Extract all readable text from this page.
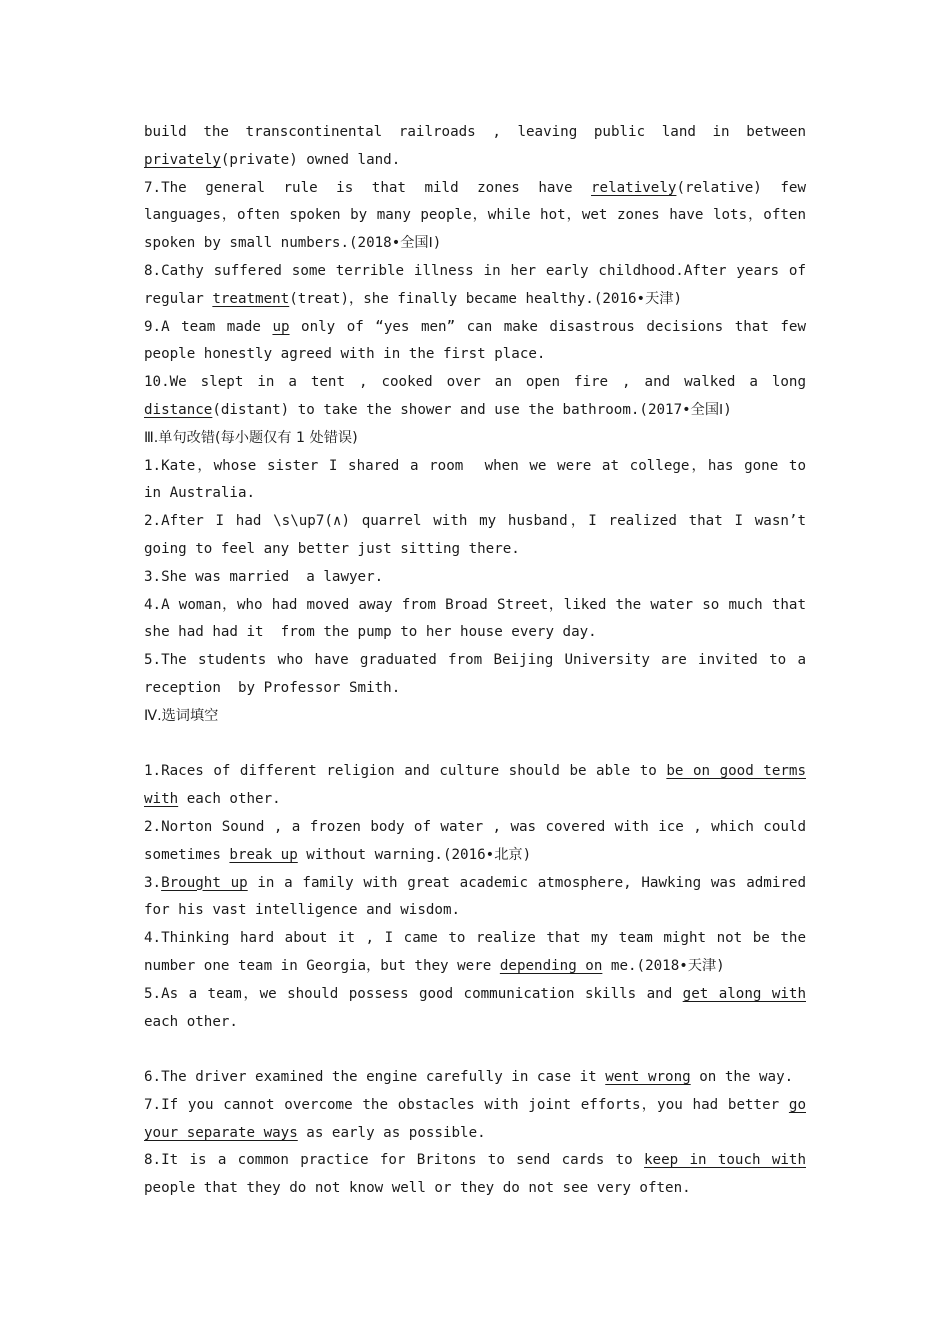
build the transcontinental railroads , leaving public land in between
privately(private) owned land.
7.The general rule is that mild zones have relatively(relative) few
languages，often spoken by many people，while hot，wet zones have lots，often
spoken by small numbers.(2018•全国Ⅰ)
8.Cathy suffered some terrible illness in her early childhood.After years of
regular treatment(treat)，she finally became healthy.(2016•天津)
9.A team made up only of “yes men” can make disastrous decisions that few
people honestly agreed with in the first place.
10.We slept in a tent , cooked over an open fire , and walked a long
distance(distant) to take the shower and use the bathroom.(2017•全国Ⅰ)
Ⅲ.单句改错(每小题仅有 1 处错误)
1.Kate，whose sister I shared a room  when we were at college，has gone to
in Australia.
2.After I had \s\up7(∧) quarrel with my husband，I realized that I wasn’t
going to feel any better just sitting there.
3.She was married  a lawyer.
4.A woman，who had moved away from Broad Street，liked the water so much that
she had had it  from the pump to her house every day.
5.The students who have graduated from Beijing University are invited to a
reception  by Professor Smith.
Ⅳ.选词填空
1.Races of different religion and culture should be able to be on good terms
with each other.
2.Norton Sound , a frozen body of water , was covered with ice , which could
sometimes break up without warning.(2016•北京)
3.Brought up in a family with great academic atmosphere, Hawking was admired
for his vast intelligence and wisdom.
4.Thinking hard about it , I came to realize that my team might not be the
number one team in Georgia，but they were depending on me.(2018•天津)
5.As a team，we should possess good communication skills and get along with
each other.
6.The driver examined the engine carefully in case it went wrong on the way.
7.If you cannot overcome the obstacles with joint efforts，you had better go
your separate ways as early as possible.
8.It is a common practice for Britons to send cards to keep in touch with
people that they do not know well or they do not see very often.
